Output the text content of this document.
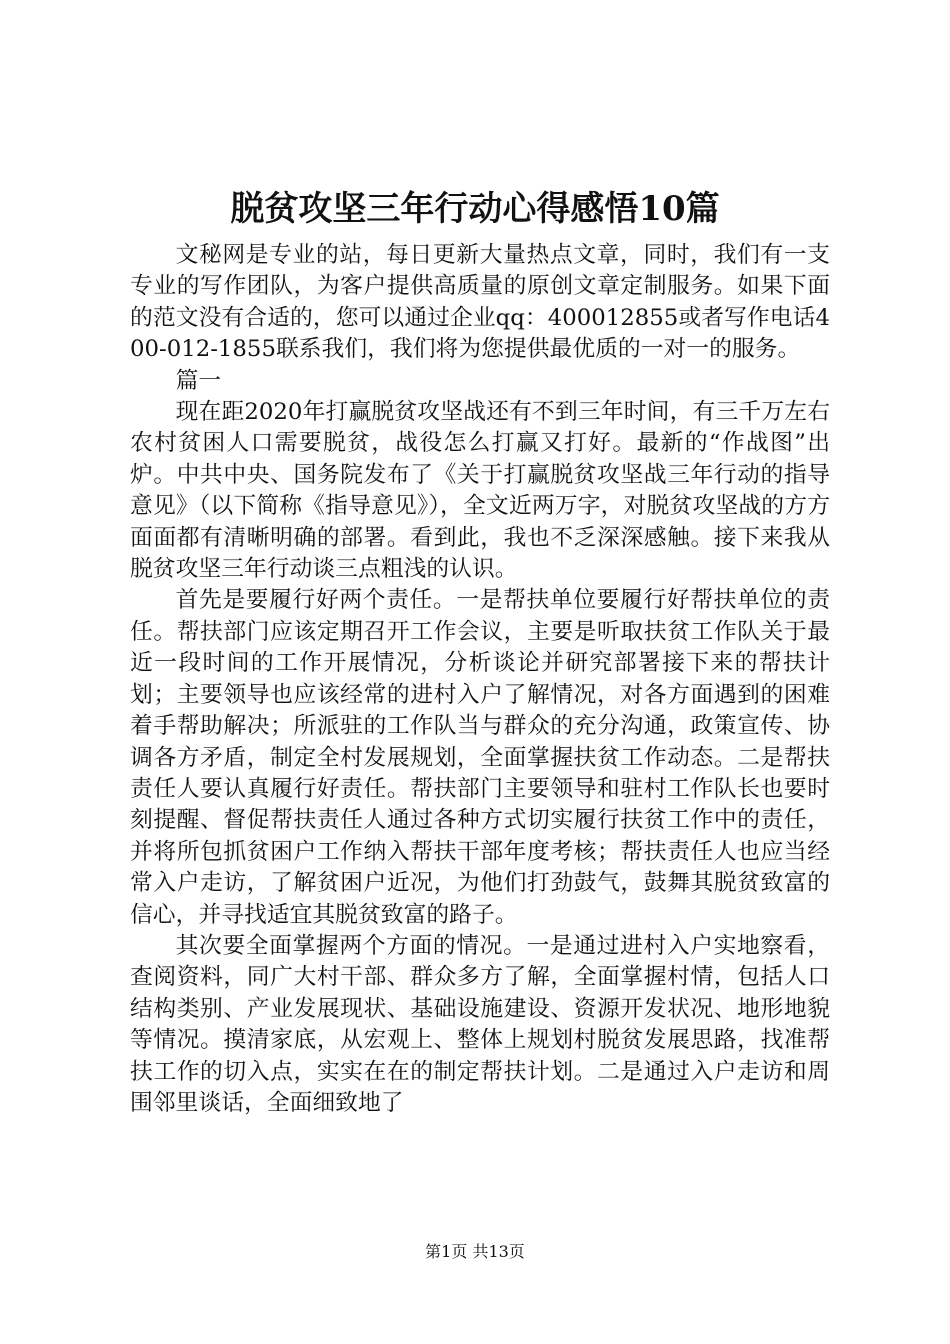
脱贫攻坚三年行动心得感悟10篇

文秘网是专业的站，每日更新大量热点文章，同时，我们有一支专业的写作团队，为客户提供高质量的原创文章定制服务。如果下面的范文没有合适的，您可以通过企业qq：400012855或者写作电话400-012-1855联系我们，我们将为您提供最优质的一对一的服务。

篇一

现在距2020年打赢脱贫攻坚战还有不到三年时间，有三千万左右农村贫困人口需要脱贫，战役怎么打赢又打好。最新的“作战图”出炉。中共中央、国务院发布了《关于打赢脱贫攻坚战三年行动的指导意见》（以下简称《指导意见》），全文近两万字，对脱贫攻坚战的方方面面都有清晰明确的部署。看到此，我也不乏深深感触。接下来我从脱贫攻坚三年行动谈三点粗浅的认识。

首先是要履行好两个责任。一是帮扶单位要履行好帮扶单位的责任。帮扶部门应该定期召开工作会议，主要是听取扶贫工作队关于最近一段时间的工作开展情况，分析谈论并研究部署接下来的帮扶计划；主要领导也应该经常的进村入户了解情况，对各方面遇到的困难着手帮助解决；所派驻的工作队当与群众的充分沟通，政策宣传、协调各方矛盾，制定全村发展规划，全面掌握扶贫工作动态。二是帮扶责任人要认真履行好责任。帮扶部门主要领导和驻村工作队长也要时刻提醒、督促帮扶责任人通过各种方式切实履行扶贫工作中的责任，并将所包抓贫困户工作纳入帮扶干部年度考核；帮扶责任人也应当经常入户走访，了解贫困户近况，为他们打劲鼓气，鼓舞其脱贫致富的信心，并寻找适宜其脱贫致富的路子。

其次要全面掌握两个方面的情况。一是通过进村入户实地察看，查阅资料，同广大村干部、群众多方了解，全面掌握村情，包括人口结构类别、产业发展现状、基础设施建设、资源开发状况、地形地貌等情况。摸清家底，从宏观上、整体上规划村脱贫发展思路，找准帮扶工作的切入点，实实在在的制定帮扶计划。二是通过入户走访和周围邻里谈话，全面细致地了

第1页 共13页
